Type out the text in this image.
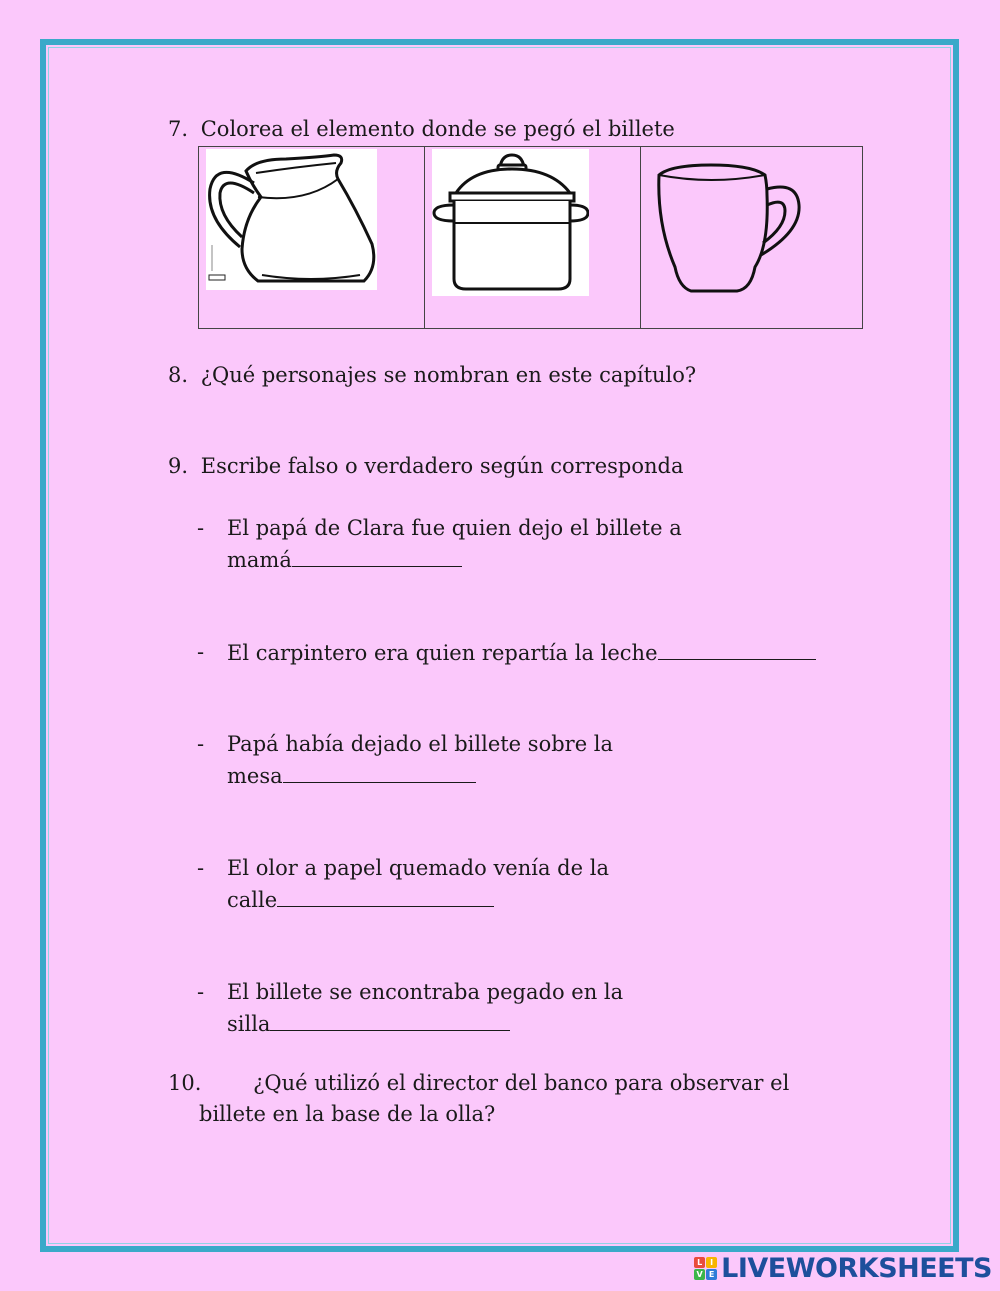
7. Colorea el elemento donde se pegó el billete

8. ¿Qué personajes se nombran en este capítulo?
9. Escribe falso o verdadero según corresponda
- El papá de Clara fue quien dejo el billete a
mamá
- El carpintero era quien repartía la leche
- Papá había dejado el billete sobre la
mesa
- El olor a papel quemado venía de la
calle
- El billete se encontraba pegado en la
silla
10. ¿Qué utilizó el director del banco para observar el
billete en la base de la olla?
L I
V E LIVEWORKSHEETS
